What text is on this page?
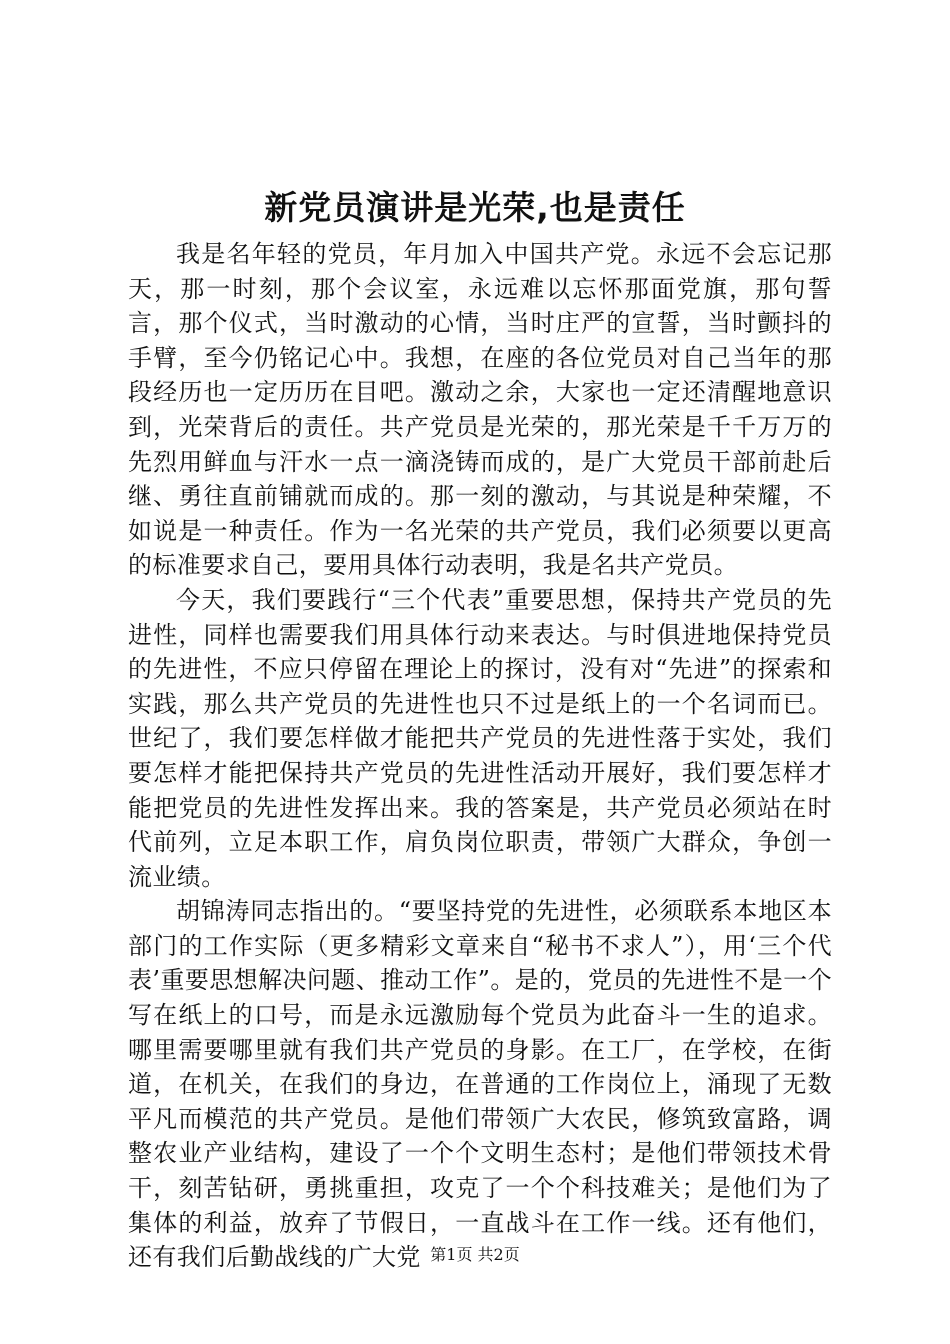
新党员演讲是光荣,也是责任

我是名年轻的党员，年月加入中国共产党。永远不会忘记那天，那一时刻，那个会议室，永远难以忘怀那面党旗，那句誓言，那个仪式，当时激动的心情，当时庄严的宣誓，当时颤抖的手臂，至今仍铭记心中。我想，在座的各位党员对自己当年的那段经历也一定历历在目吧。激动之余，大家也一定还清醒地意识到，光荣背后的责任。共产党员是光荣的，那光荣是千千万万的先烈用鲜血与汗水一点一滴浇铸而成的，是广大党员干部前赴后继、勇往直前铺就而成的。那一刻的激动，与其说是种荣耀，不如说是一种责任。作为一名光荣的共产党员，我们必须要以更高的标准要求自己，要用具体行动表明，我是名共产党员。

今天，我们要践行“三个代表”重要思想，保持共产党员的先进性，同样也需要我们用具体行动来表达。与时俱进地保持党员的先进性，不应只停留在理论上的探讨，没有对“先进”的探索和实践，那么共产党员的先进性也只不过是纸上的一个名词而已。世纪了，我们要怎样做才能把共产党员的先进性落于实处，我们要怎样才能把保持共产党员的先进性活动开展好，我们要怎样才能把党员的先进性发挥出来。我的答案是，共产党员必须站在时代前列，立足本职工作，肩负岗位职责，带领广大群众，争创一流业绩。

胡锦涛同志指出的。“要坚持党的先进性，必须联系本地区本部门的工作实际（更多精彩文章来自“秘书不求人”），用‘三个代表’重要思想解决问题、推动工作”。是的，党员的先进性不是一个写在纸上的口号，而是永远激励每个党员为此奋斗一生的追求。哪里需要哪里就有我们共产党员的身影。在工厂，在学校，在街道，在机关，在我们的身边，在普通的工作岗位上，涌现了无数平凡而模范的共产党员。是他们带领广大农民，修筑致富路，调整农业产业结构，建设了一个个文明生态村；是他们带领技术骨干，刻苦钻研，勇挑重担，攻克了一个个科技难关；是他们为了集体的利益，放弃了节假日，一直战斗在工作一线。还有他们，还有我们后勤战线的广大党 第1页 共2页
